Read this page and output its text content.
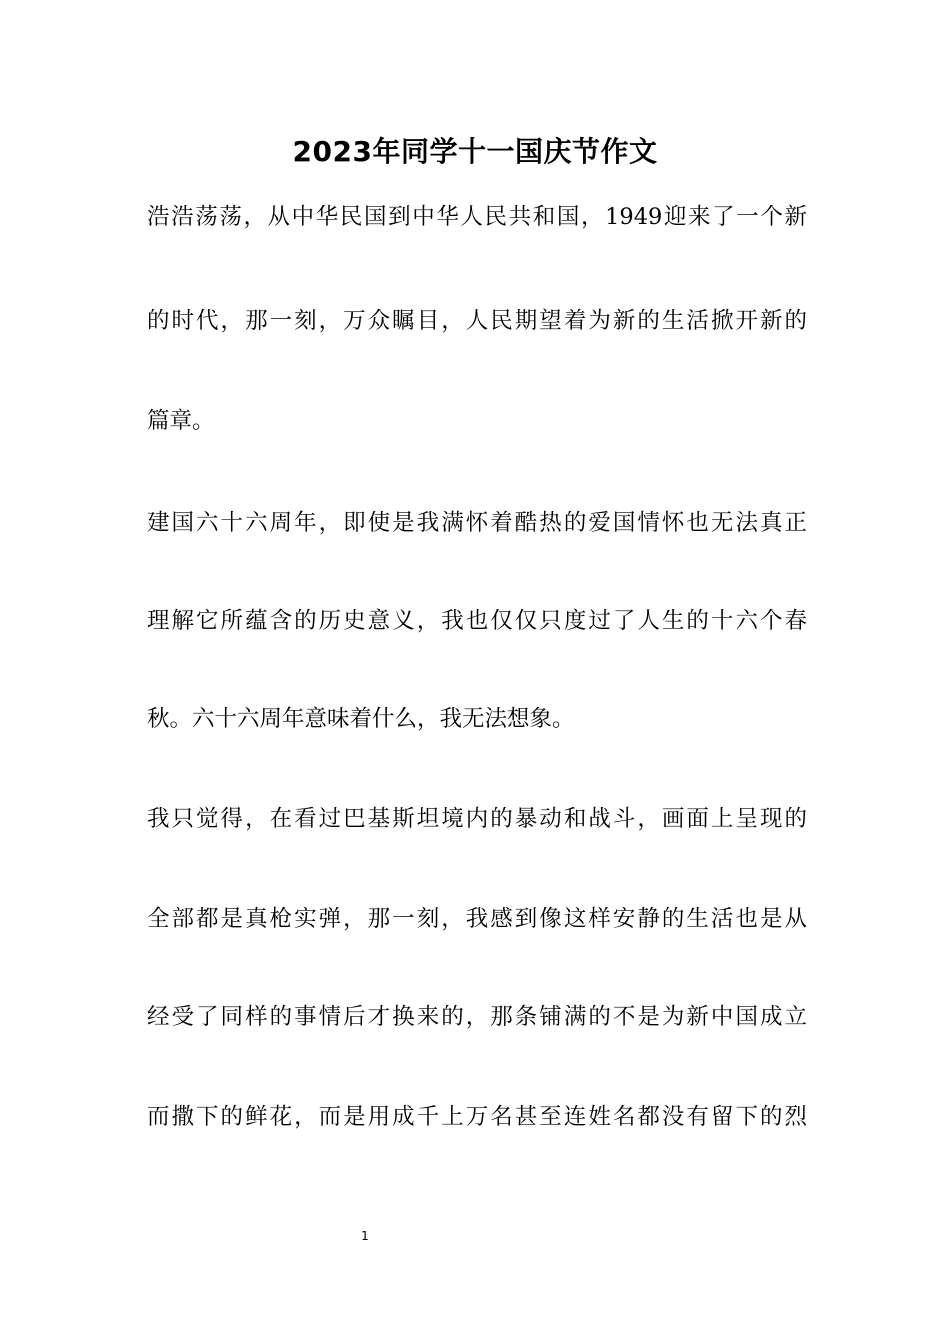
2023年同学十一国庆节作文

浩浩荡荡，从中华民国到中华人民共和国，1949迎来了一个新

的时代，那一刻，万众瞩目，人民期望着为新的生活掀开新的

篇章。

建国六十六周年，即使是我满怀着酷热的爱国情怀也无法真正

理解它所蕴含的历史意义，我也仅仅只度过了人生的十六个春

秋。六十六周年意味着什么，我无法想象。

我只觉得，在看过巴基斯坦境内的暴动和战斗，画面上呈现的

全部都是真枪实弹，那一刻，我感到像这样安静的生活也是从

经受了同样的事情后才换来的，那条铺满的不是为新中国成立

而撒下的鲜花，而是用成千上万名甚至连姓名都没有留下的烈

1
